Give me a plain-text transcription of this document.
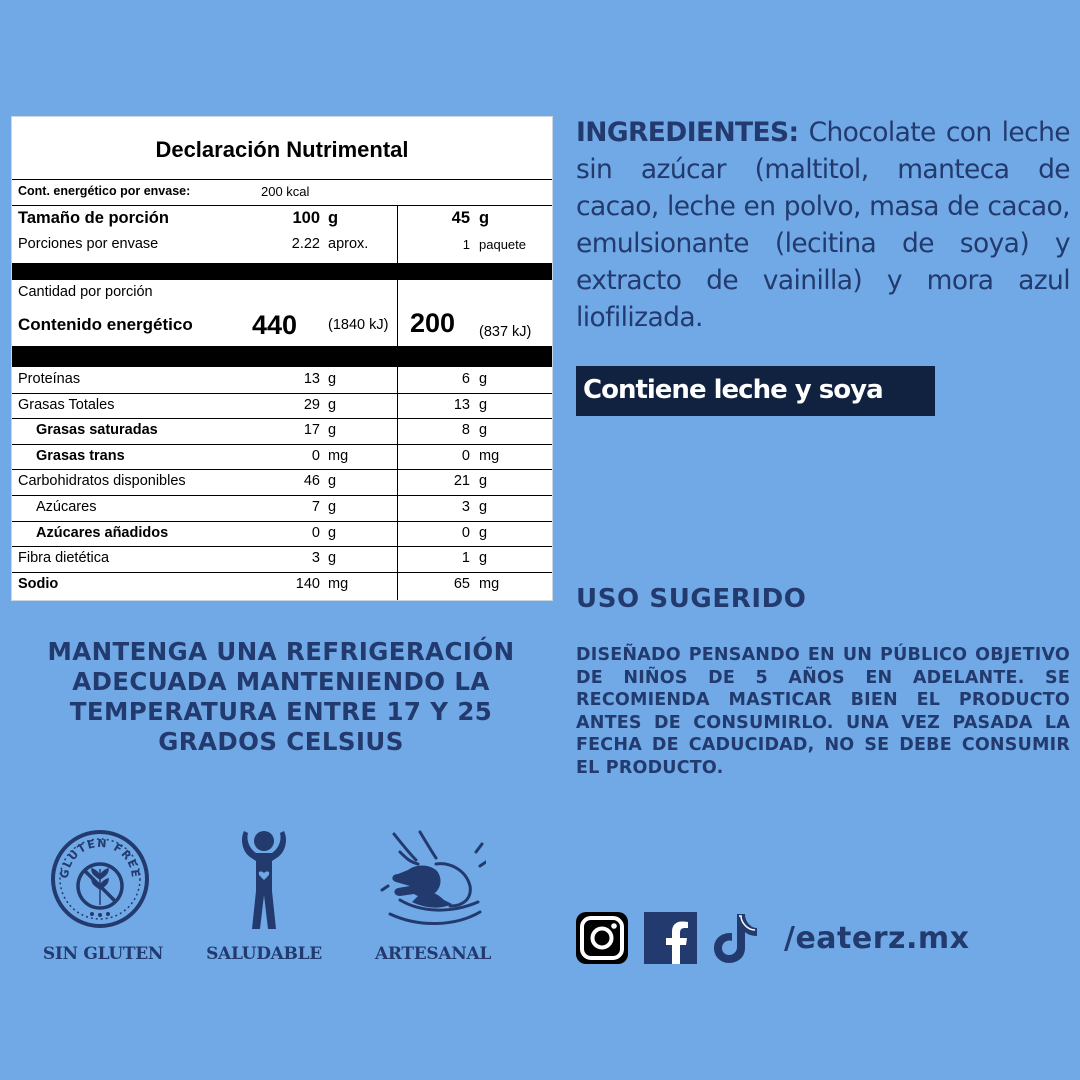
Declaración Nutrimental
Cont. energético por envase:	200 kcal
Tamaño de porción	100 g	45 g
Porciones por envase	2.22 aprox.	1 paquete
Cantidad por porción
Contenido energético 440 (1840 kJ) 200 (837 kJ)
Proteínas	13 g	6 g
Grasas Totales	29 g	13 g
Grasas saturadas	17 g	8 g
Grasas trans	0 mg	0 mg
Carbohidratos disponibles	46 g	21 g
Azúcares	7 g	3 g
Azúcares añadidos	0 g	0 g
Fibra dietética	3 g	1 g
Sodio	140 mg	65 mg
INGREDIENTES: Chocolate con leche sin azúcar (maltitol, manteca de cacao, leche en polvo, masa de cacao, emulsionante (lecitina de soya) y extracto de vainilla) y mora azul liofilizada.
Contiene leche y soya
MANTENGA UNA REFRIGERACIÓN ADECUADA MANTENIENDO LA TEMPERATURA ENTRE 17 Y 25 GRADOS CELSIUS
USO SUGERIDO
DISEÑADO PENSANDO EN UN PÚBLICO OBJETIVO DE NIÑOS DE 5 AÑOS EN ADELANTE. SE RECOMIENDA MASTICAR BIEN EL PRODUCTO ANTES DE CONSUMIRLO. UNA VEZ PASADA LA FECHA DE CADUCIDAD, NO SE DEBE CONSUMIR EL PRODUCTO.
GLUTEN FREE
SIN GLUTEN	SALUDABLE	ARTESANAL	/eaterz.mx
